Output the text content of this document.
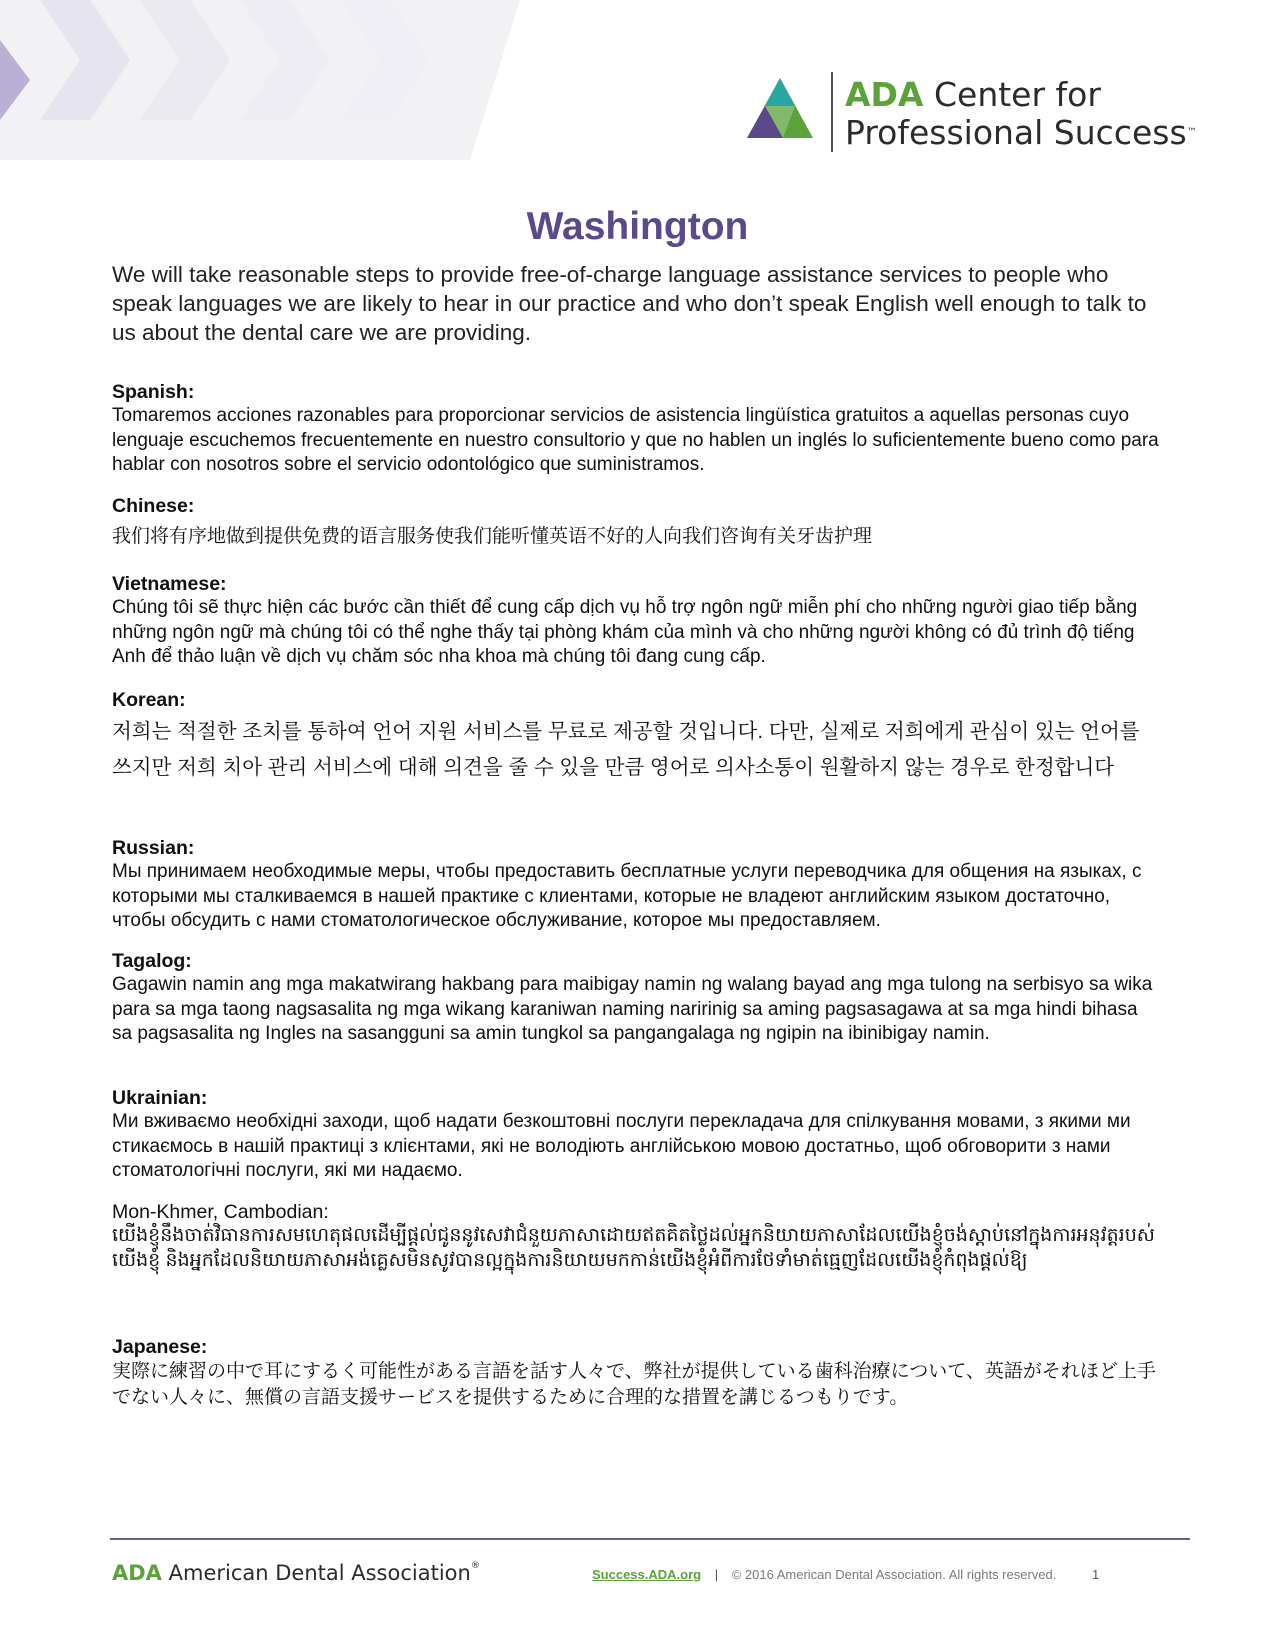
ADA Center for
Professional Success™
Washington
We will take reasonable steps to provide free-of-charge language assistance services to people who speak languages we are likely to hear in our practice and who don’t speak English well enough to talk to us about the dental care we are providing.

Spanish:

Tomaremos acciones razonables para proporcionar servicios de asistencia lingüística gratuitos a aquellas personas cuyo lenguaje escuchemos frecuentemente en nuestro consultorio y que no hablen un inglés lo suficientemente bueno como para hablar con nosotros sobre el servicio odontológico que suministramos.

Chinese:

我们将有序地做到提供免费的语言服务使我们能听懂英语不好的人向我们咨询有关牙齿护理

Vietnamese:

Chúng tôi sẽ thực hiện các bước cần thiết để cung cấp dịch vụ hỗ trợ ngôn ngữ miễn phí cho những người giao tiếp bằng những ngôn ngữ mà chúng tôi có thể nghe thấy tại phòng khám của mình và cho những người không có đủ trình độ tiếng Anh để thảo luận về dịch vụ chăm sóc nha khoa mà chúng tôi đang cung cấp.

Korean:

저희는 적절한 조치를 통하여 언어 지원 서비스를 무료로 제공할 것입니다. 다만, 실제로 저희에게 관심이 있는 언어를 쓰지만 저희 치아 관리 서비스에 대해 의견을 줄 수 있을 만큼 영어로 의사소통이 원활하지 않는 경우로 한정합니다

Russian:

Мы принимаем необходимые меры, чтобы предоставить бесплатные услуги переводчика для общения на языках, с которыми мы сталкиваемся в нашей практике с клиентами, которые не владеют английским языком достаточно, чтобы обсудить с нами стоматологическое обслуживание, которое мы предоставляем.

Tagalog:

Gagawin namin ang mga makatwirang hakbang para maibigay namin ng walang bayad ang mga tulong na serbisyo sa wika para sa mga taong nagsasalita ng mga wikang karaniwan naming naririnig sa aming pagsasagawa at sa mga hindi bihasa sa pagsasalita ng Ingles na sasangguni sa amin tungkol sa pangangalaga ng ngipin na ibinibigay namin.

Ukrainian:

Ми вживаємо необхідні заходи, щоб надати безкоштовні послуги перекладача для спілкування мовами, з якими ми стикаємось в нашій практиці з клієнтами, які не володіють англійською мовою достатньо, щоб обговорити з нами стоматологічні послуги, які ми надаємо.

Mon-Khmer, Cambodian:

យើងខ្ញុំនឹងចាត់វិធានការសមហេតុផលដើម្បីផ្តល់ជូននូវសេវាជំនួយភាសាដោយឥតគិតថ្លៃដល់អ្នកនិយាយភាសាដែលយើងខ្ញុំចង់ស្តាប់នៅក្នុងការអនុវត្តរបស់យើងខ្ញុំ និងអ្នកដែលនិយាយភាសាអង់គ្លេសមិនសូវបានល្អក្នុងការនិយាយមកកាន់យើងខ្ញុំអំពីការថែទាំមាត់ធ្មេញដែលយើងខ្ញុំកំពុងផ្តល់ឱ្យ

Japanese:

実際に練習の中で耳にするく可能性がある言語を話す人々で、弊社が提供している歯科治療について、英語がそれほど上手でない人々に、無償の言語支援サービスを提供するために合理的な措置を講じるつもりです。

ADA American Dental Association®
Success.ADA.org | © 2016 American Dental Association. All rights reserved.	1
